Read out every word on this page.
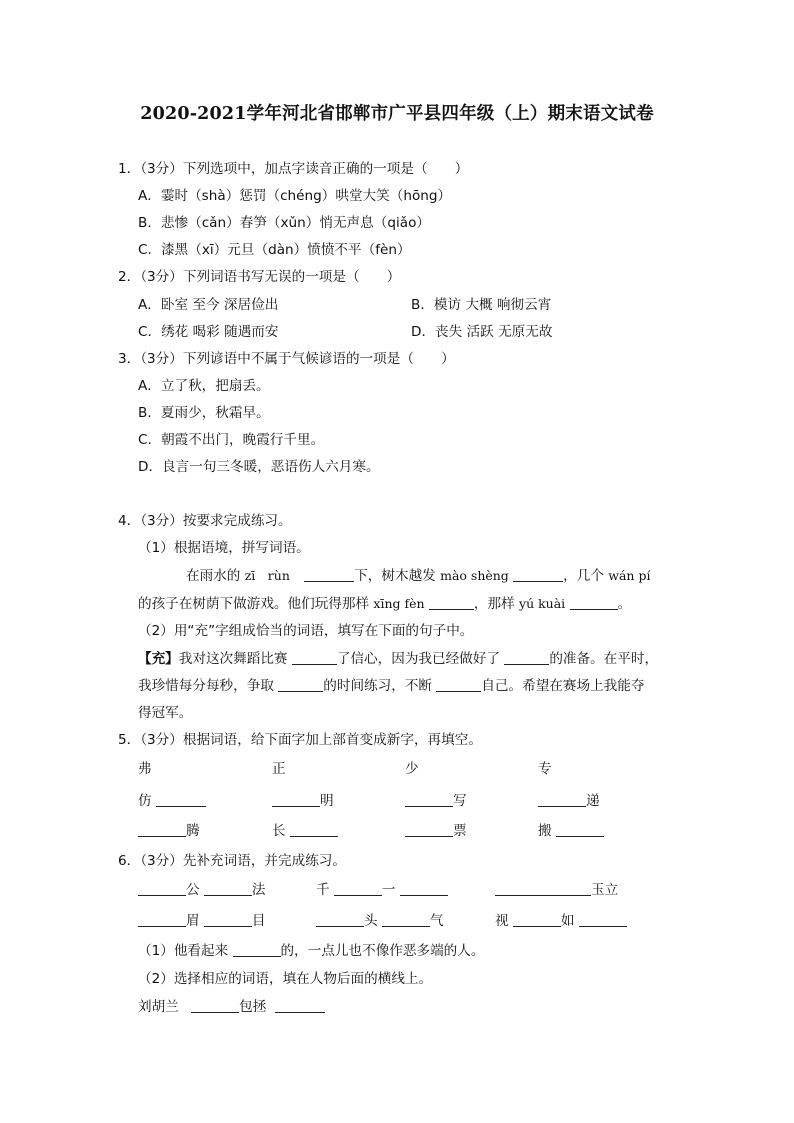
2020-2021学年河北省邯郸市广平县四年级（上）期末语文试卷
1．（3分）下列选项中，加点字读音正确的一项是（　　）
A．霎时（shà）惩罚（chéng）哄堂大笑（hōng）
B．悲惨（cǎn）春笋（xǔn）悄无声息（qiǎo）
C．漆黑（xī）元旦（dàn）愤愤不平（fèn）
2．（3分）下列词语书写无误的一项是（　　）
A．卧室 至今 深居俭出	B．模访 大概 响彻云宵
C．绣花 喝彩 随遇而安	D．丧失 活跃 无原无故
3．（3分）下列谚语中不属于气候谚语的一项是（　　）
A．立了秋，把扇丢。
B．夏雨少，秋霜早。
C．朝霞不出门，晚霞行千里。
D．良言一句三冬暖，恶语伤人六月寒。
4．（3分）按要求完成练习。
（1）根据语境，拼写词语。
在雨水的 zī　rùn	下，树木越发 mào shèng	，几个 wán pí
的孩子在树荫下做游戏。他们玩得那样 xīng fèn	，那样 yú kuài	。
（2）用“充”字组成恰当的词语，填写在下面的句子中。
【充】我对这次舞蹈比赛	了信心，因为我已经做好了	的准备。在平时，
我珍惜每分每秒，争取	的时间练习，不断	自己。希望在赛场上我能夺
得冠军。
5．（3分）根据词语，给下面字加上部首变成新字，再填空。
弗	正	少	专
仿	明	写	递
腾	长	票	搬
6．（3分）先补充词语，并完成练习。
公	法	千	一	玉立
眉	目	头	气	视	如
（1）他看起来	的，一点儿也不像作恶多端的人。
（2）选择相应的词语，填在人物后面的横线上。
刘胡兰	包拯
